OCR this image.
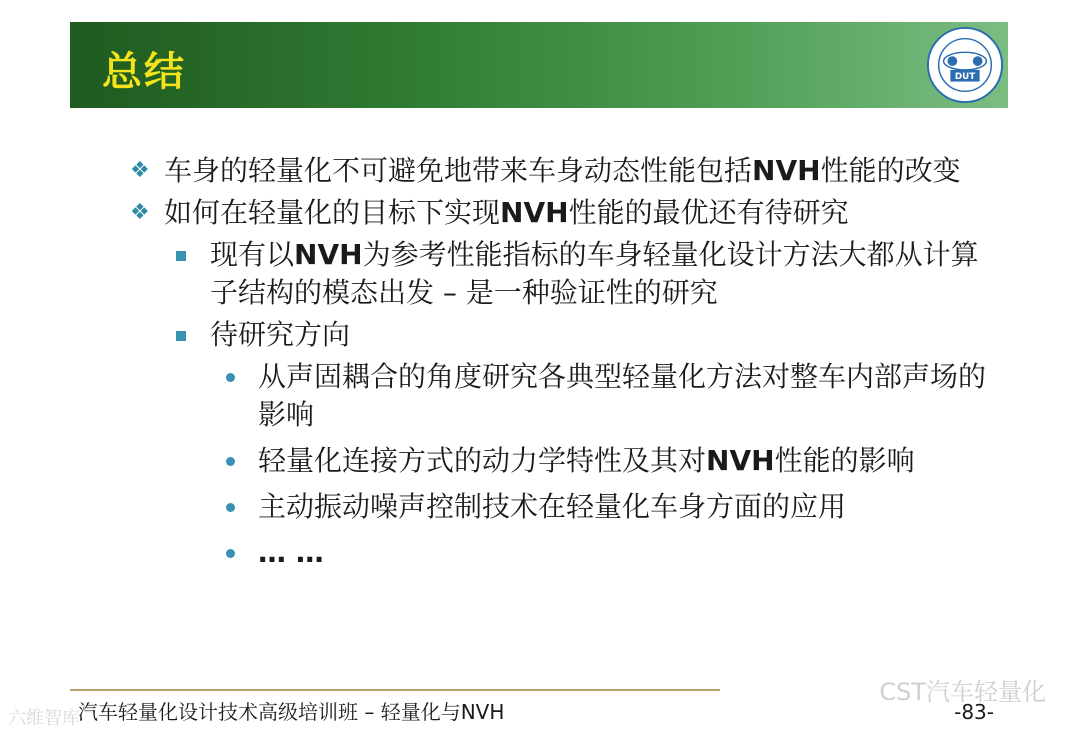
总结	DUT
❖ 车身的轻量化不可避免地带来车身动态性能包括NVH性能的改变
❖ 如何在轻量化的目标下实现NVH性能的最优还有待研究
现有以NVH为参考性能指标的车身轻量化设计方法大都从计算子结构的模态出发 – 是一种验证性的研究
待研究方向
从声固耦合的角度研究各典型轻量化方法对整车内部声场的影响
轻量化连接方式的动力学特性及其对NVH性能的影响
主动振动噪声控制技术在轻量化车身方面的应用
… …
汽车轻量化设计技术高级培训班 – 轻量化与NVH	-83-
CST汽车轻量化
六维智库
